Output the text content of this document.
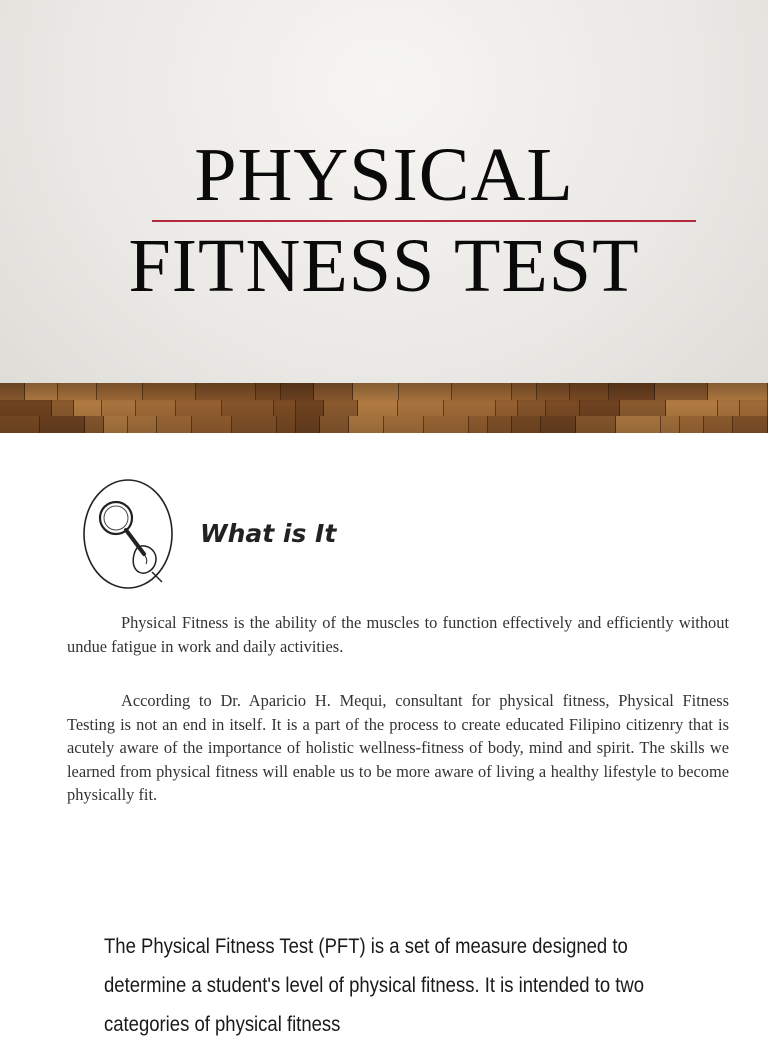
PHYSICAL
FITNESS TEST
What is It

Physical Fitness is the ability of the muscles to function effectively and efficiently without undue fatigue in work and daily activities.

According to Dr. Aparicio H. Mequi, consultant for physical fitness, Physical Fitness Testing is not an end in itself. It is a part of the process to create educated Filipino citizenry that is acutely aware of the importance of holistic wellness-fitness of body, mind and spirit. The skills we learned from physical fitness will enable us to be more aware of living a healthy lifestyle to become physically fit.

The Physical Fitness Test (PFT) is a set of measure designed to determine a student's level of physical fitness. It is intended to two categories of physical fitness
